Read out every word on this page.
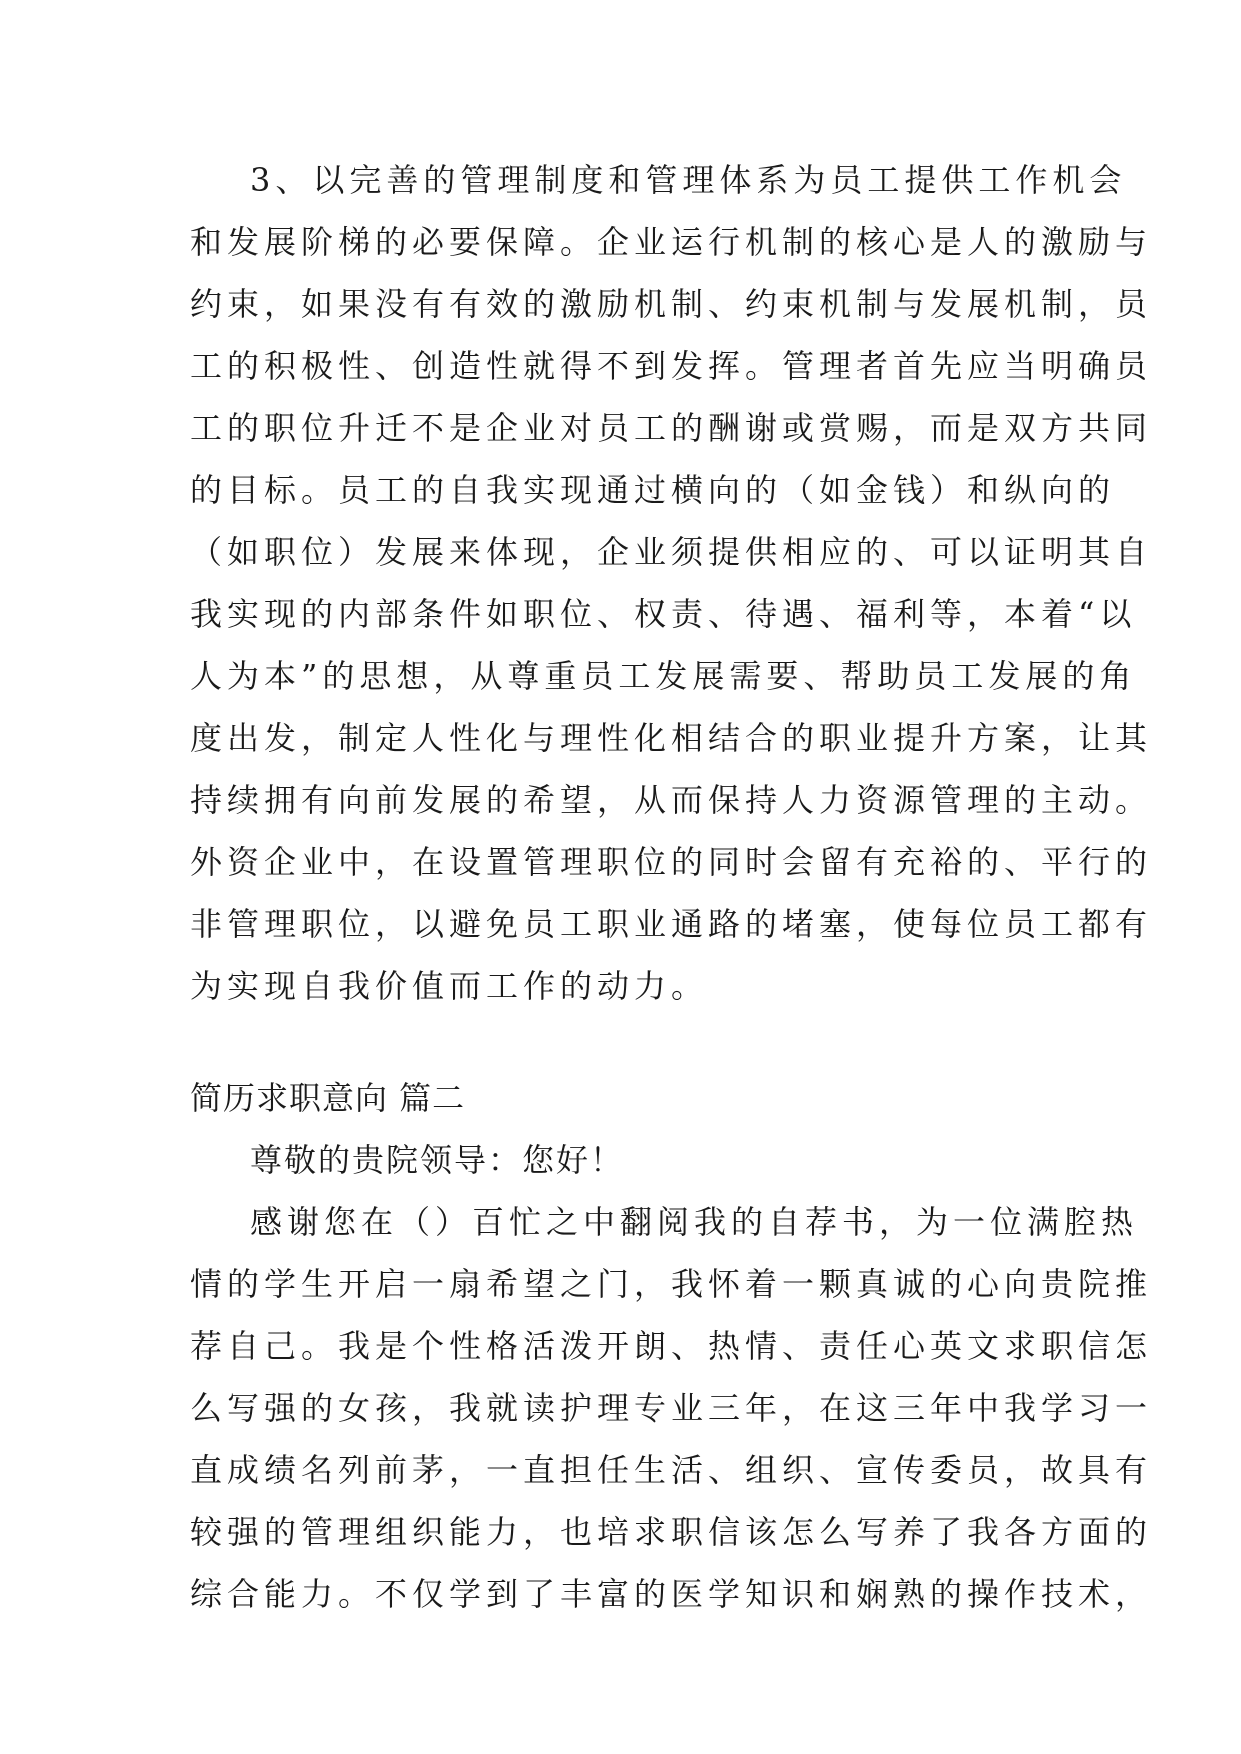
3、以完善的管理制度和管理体系为员工提供工作机会
和发展阶梯的必要保障。企业运行机制的核心是人的激励与
约束，如果没有有效的激励机制、约束机制与发展机制，员
工的积极性、创造性就得不到发挥。管理者首先应当明确员
工的职位升迁不是企业对员工的酬谢或赏赐，而是双方共同
的目标。员工的自我实现通过横向的（如金钱）和纵向的
（如职位）发展来体现，企业须提供相应的、可以证明其自
我实现的内部条件如职位、权责、待遇、福利等，本着“以
人为本”的思想，从尊重员工发展需要、帮助员工发展的角
度出发，制定人性化与理性化相结合的职业提升方案，让其
持续拥有向前发展的希望，从而保持人力资源管理的主动。
外资企业中，在设置管理职位的同时会留有充裕的、平行的
非管理职位，以避免员工职业通路的堵塞，使每位员工都有
为实现自我价值而工作的动力。
简历求职意向 篇二
尊敬的贵院领导：您好！
感谢您在（）百忙之中翻阅我的自荐书，为一位满腔热
情的学生开启一扇希望之门，我怀着一颗真诚的心向贵院推
荐自己。我是个性格活泼开朗、热情、责任心英文求职信怎
么写强的女孩，我就读护理专业三年，在这三年中我学习一
直成绩名列前茅，一直担任生活、组织、宣传委员，故具有
较强的管理组织能力，也培求职信该怎么写养了我各方面的
综合能力。不仅学到了丰富的医学知识和娴熟的操作技术，
